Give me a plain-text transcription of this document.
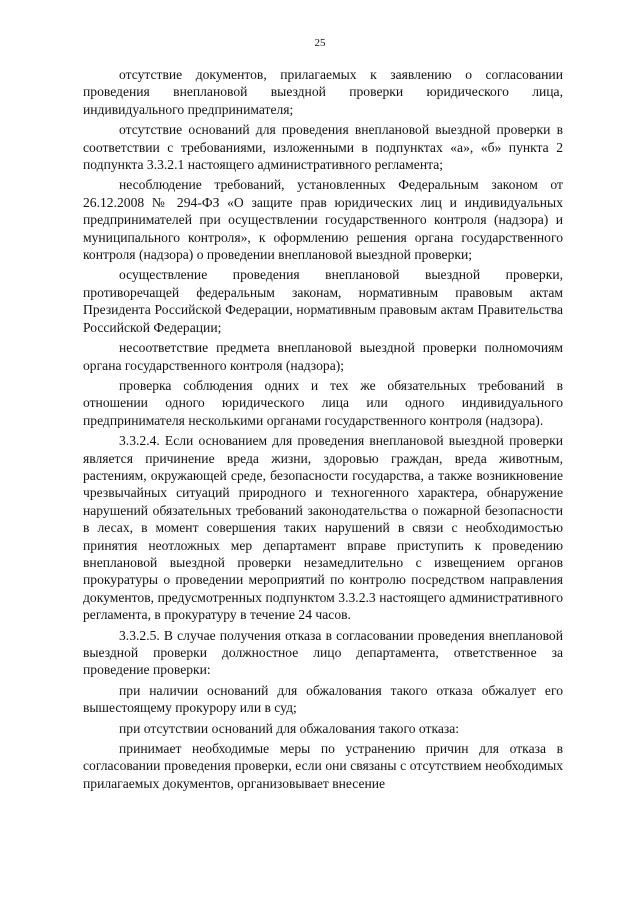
25

отсутствие документов, прилагаемых к заявлению о согласовании проведения внеплановой выездной проверки юридического лица, индивидуального предпринимателя;

отсутствие оснований для проведения внеплановой выездной проверки в соответствии с требованиями, изложенными в подпунктах «а», «б» пункта 2 подпункта 3.3.2.1 настоящего административного регламента;

несоблюдение требований, установленных Федеральным законом от 26.12.2008 № 294-ФЗ «О защите прав юридических лиц и индивидуальных предпринимателей при осуществлении государственного контроля (надзора) и муниципального контроля», к оформлению решения органа государственного контроля (надзора) о проведении внеплановой выездной проверки;

осуществление проведения внеплановой выездной проверки, противоречащей федеральным законам, нормативным правовым актам Президента Российской Федерации, нормативным правовым актам Правительства Российской Федерации;

несоответствие предмета внеплановой выездной проверки полномочиям органа государственного контроля (надзора);

проверка соблюдения одних и тех же обязательных требований в отношении одного юридического лица или одного индивидуального предпринимателя несколькими органами государственного контроля (надзора).

3.3.2.4. Если основанием для проведения внеплановой выездной проверки является причинение вреда жизни, здоровью граждан, вреда животным, растениям, окружающей среде, безопасности государства, а также возникновение чрезвычайных ситуаций природного и техногенного характера, обнаружение нарушений обязательных требований законодательства о пожарной безопасности в лесах, в момент совершения таких нарушений в связи с необходимостью принятия неотложных мер департамент вправе приступить к проведению внеплановой выездной проверки незамедлительно с извещением органов прокуратуры о проведении мероприятий по контролю посредством направления документов, предусмотренных подпунктом 3.3.2.3 настоящего административного регламента, в прокуратуру в течение 24 часов.

3.3.2.5. В случае получения отказа в согласовании проведения внеплановой выездной проверки должностное лицо департамента, ответственное за проведение проверки:

при наличии оснований для обжалования такого отказа обжалует его вышестоящему прокурору или в суд;

при отсутствии оснований для обжалования такого отказа:

принимает необходимые меры по устранению причин для отказа в согласовании проведения проверки, если они связаны с отсутствием необходимых прилагаемых документов, организовывает внесение
